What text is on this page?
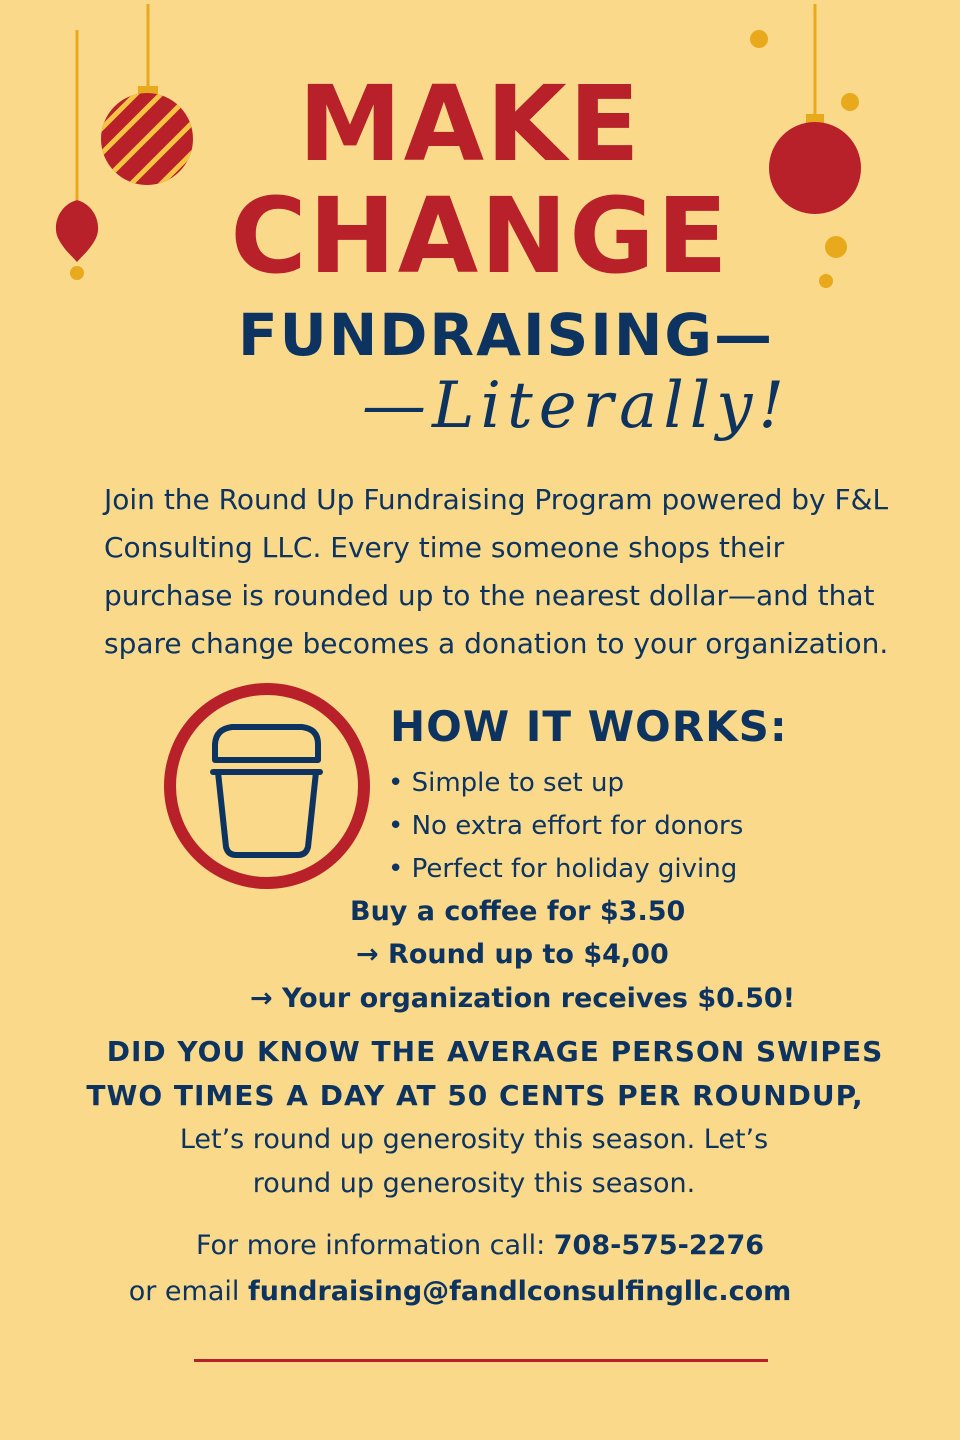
MAKE
CHANGE
FUNDRAISING—
—Literally!

Join the Round Up Fundraising Program powered by F&L Consulting LLC. Every time someone shops their purchase is rounded up to the nearest dollar—and that spare change becomes a donation to your organization.

HOW IT WORKS:
• Simple to set up
• No extra effort for donors
• Perfect for holiday giving
Buy a coffee for $3.50
→ Round up to $4,00
→ Your organization receives $0.50!
DID YOU KNOW THE AVERAGE PERSON SWIPES
TWO TIMES A DAY AT 50 CENTS PER ROUNDUP,
Let’s round up generosity this season. Let’s
round up generosity this season.
For more information call: 708-575-2276
or email fundraising@fandlconsulfingllc.com
